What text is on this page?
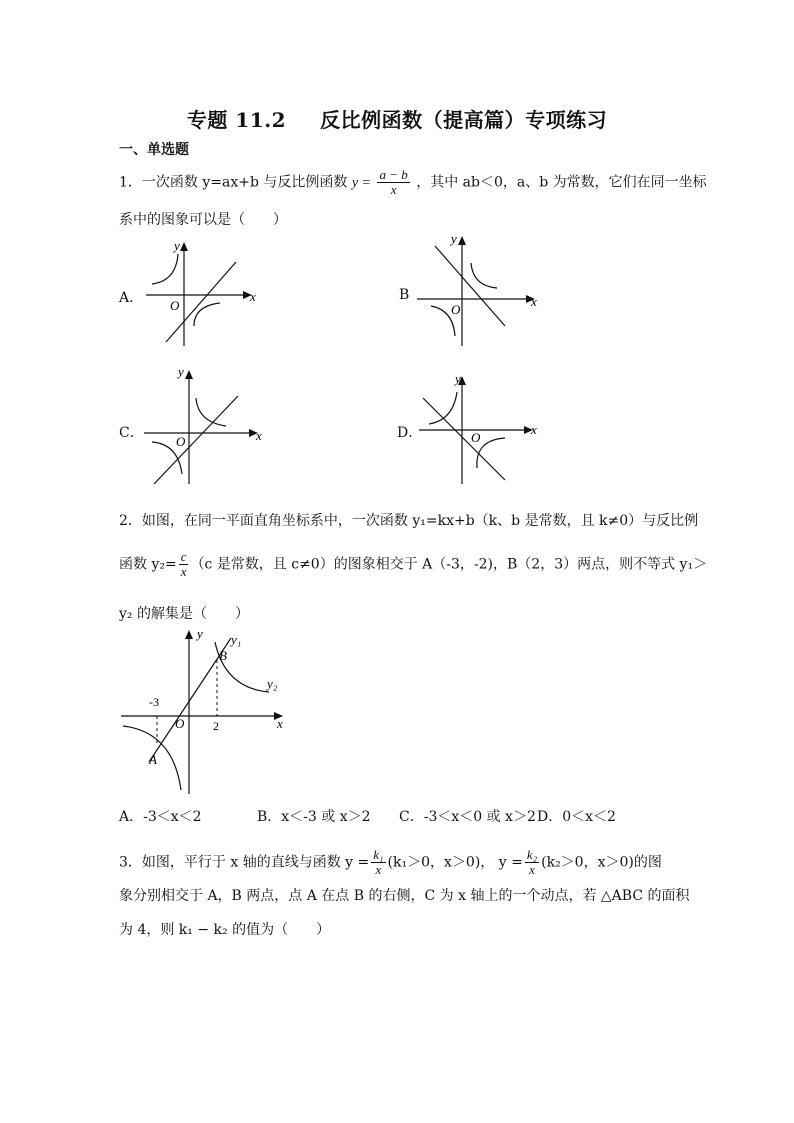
专题 11.2 反比例函数（提高篇）专项练习
一、单选题
1．一次函数 y=ax+b 与反比例函数 $y = \frac{a - b}{x}$ ，其中 ab＜0，a、b 为常数，它们在同一坐标
系中的图象可以是（　　）
A．	x
y
O
B	x
y
O
C．	x
y
O
D．	x
y
O
2．如图，在同一平面直角坐标系中，一次函数 y₁=kx+b（k、b 是常数，且 k≠0）与反比例
函数 $y_2= \frac{c}{x} (c$ 是常数，且 c≠0）的图象相交于 A（-3，-2)，B（2，3）两点，则不等式 y₁＞
y₂ 的解集是（　　）
y₁
y₂
B
A
-3
2
O	x
y
A．-3＜x＜2	B．x＜-3 或 x＞2 C．-3＜x＜0 或 x＞2D．0＜x＜2
3．如图，平行于 x 轴的直线与函数 $y = \frac{\text{k₁}}{x} (k_1>0$，x＞0)， $y = \frac{\text{k₂}}{x} (k_2>0$，x＞0)的图
象分别相交于 A，B 两点，点 A 在点 B 的右侧，C 为 x 轴上的一个动点，若 △ABC 的面积
为 4，则 k₁ − k₂ 的值为（　　）
